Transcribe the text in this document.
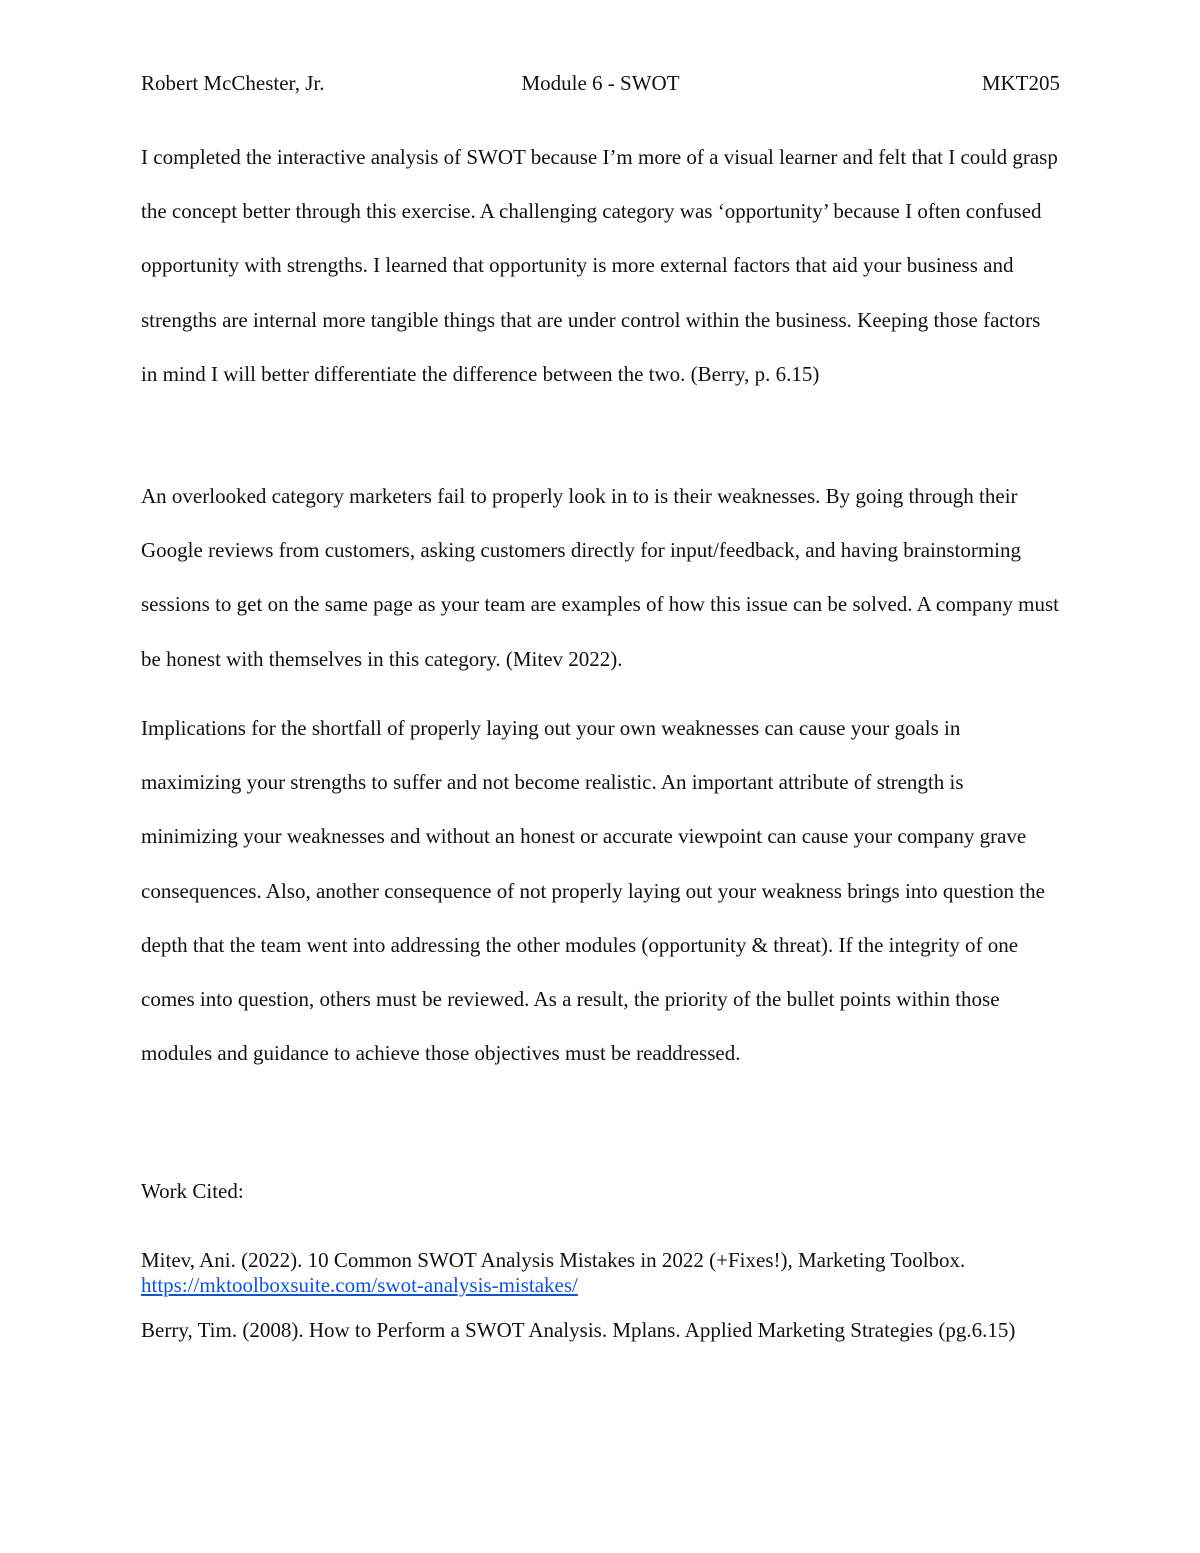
Robert McChester, Jr.	Module 6 - SWOT	MKT205

I completed the interactive analysis of SWOT because I’m more of a visual learner and felt that I could grasp the concept better through this exercise. A challenging category was ‘opportunity’ because I often confused opportunity with strengths. I learned that opportunity is more external factors that aid your business and strengths are internal more tangible things that are under control within the business. Keeping those factors in mind I will better differentiate the difference between the two. (Berry, p. 6.15)

An overlooked category marketers fail to properly look in to is their weaknesses. By going through their Google reviews from customers, asking customers directly for input/feedback, and having brainstorming sessions to get on the same page as your team are examples of how this issue can be solved. A company must be honest with themselves in this category. (Mitev 2022).

Implications for the shortfall of properly laying out your own weaknesses can cause your goals in maximizing your strengths to suffer and not become realistic. An important attribute of strength is minimizing your weaknesses and without an honest or accurate viewpoint can cause your company grave consequences. Also, another consequence of not properly laying out your weakness brings into question the depth that the team went into addressing the other modules (opportunity & threat). If the integrity of one comes into question, others must be reviewed. As a result, the priority of the bullet points within those modules and guidance to achieve those objectives must be readdressed.

Work Cited:

Mitev, Ani. (2022). 10 Common SWOT Analysis Mistakes in 2022 (+Fixes!), Marketing Toolbox. https://mktoolboxsuite.com/swot-analysis-mistakes/

Berry, Tim. (2008). How to Perform a SWOT Analysis. Mplans. Applied Marketing Strategies (pg.6.15)
